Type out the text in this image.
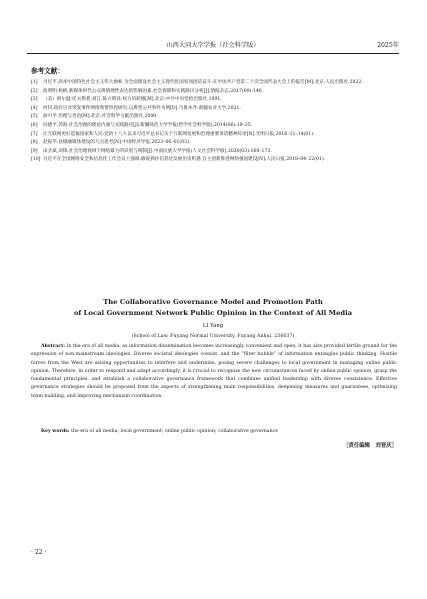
山西大同大学学报（社会科学版）	2025年
参考文献：
[1]	习近平.高举中国特色社会主义伟大旗帜 为全面建设社会主义现代化国家而团结奋斗:在中国共产党第二十次全国代表大会上的报告[M].北京:人民出版社,2022.
[2]	詹明明,杨帆.新媒体时代公众舆情理性表达的影响因素.社会保障和实践路径分析[J].情报杂志,2017(09):146.
[3]	（美）阿尔温·托夫勒著,刘江,陈方明译.权力的转移[M].北京:中共中央党校出版社,1991.
[4]	何钊.政府应对突发事件网络舆情管控研究:以典型公共事件为例[D].乌鲁木齐:新疆农业大学,2021.
[5]	俞可平.治理与善治[M].北京:社会科学文献出版社,2000.
[6]	向德平,苏海.社会治理的理论内涵与实践路径[J].新疆师范大学学报(哲学社会科学版),2014(06):19–25.
[7]	让互联网更好造福国家和人民:党的十八大以来习近平总书记关于互联网发展和治理重要讲话精神综述[N].光明日报,2016–11–14(01).
[8]	赵振华.县级融媒体建设的几点思考[N].中国经济导报,2023–06–01(03).
[9]	田圣斌,刘锋.社会治理视域下网络暴力的识别与规制[J].中南民族大学学报(人文社会科学版),2020(03):168–173.
[10] 习近平在全国网络安全和信息化工作会议上强调:敏锐抓住信息化发展历史机遇 自主创新推进网络强国建设[N].人民日报,2018–04–22(01).
The Collaborative Governance Model and Promotion Path
of Local Government Network Public Opinion in the Context of All Media
LI Yang
(School of Law, Fuyang Normal University, Fuyang Anhui, 236037)

Abstract: In the era of all media, as information dissemination becomes increasingly convenient and open, it has also provided fertile ground for the expression of non-mainstream ideologies. Diverse societal ideologies coexist, and the “filter bubble” of information entangles public thinking. Hostile forces from the West are seizing opportunities to interfere and undermine, posing severe challenges to local government in managing online public opinion. Therefore, in order to respond and adapt accordingly, it is crucial to recognize the new circumstances faced by online public opinion, grasp the fundamental principles, and establish a collaborative governance framework that combines unified leadership with diverse coexistence. Effective governance strategies should be proposed from the aspects of strengthening main responsibilities, deepening measures and guarantees, optimizing team building, and improving mechanism coordination.

Key words: the era of all media; local government; online public opinion; collaborative governance

［责任编辑　刘晋庆］
· 22 ·
